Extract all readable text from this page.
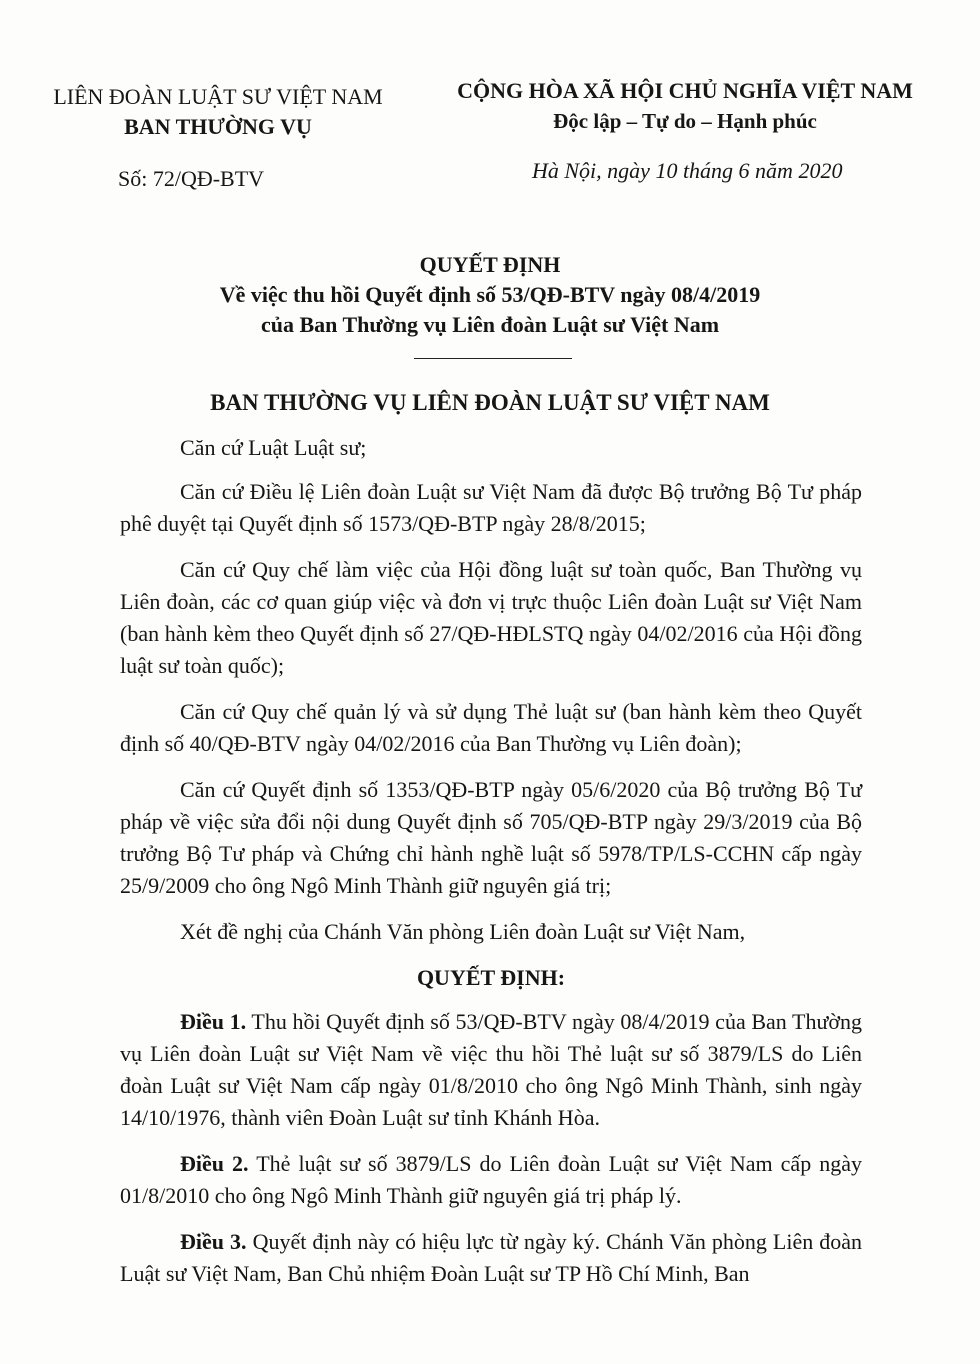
LIÊN ĐOÀN LUẬT SƯ VIỆT NAM
BAN THƯỜNG VỤ
CỘNG HÒA XÃ HỘI CHỦ NGHĨA VIỆT NAM
Độc lập – Tự do – Hạnh phúc
Số: 72/QĐ-BTV	Hà Nội, ngày 10 tháng 6 năm 2020
QUYẾT ĐỊNH
Về việc thu hồi Quyết định số 53/QĐ-BTV ngày 08/4/2019
của Ban Thường vụ Liên đoàn Luật sư Việt Nam
BAN THƯỜNG VỤ LIÊN ĐOÀN LUẬT SƯ VIỆT NAM

Căn cứ Luật Luật sư;

Căn cứ Điều lệ Liên đoàn Luật sư Việt Nam đã được Bộ trưởng Bộ Tư pháp phê duyệt tại Quyết định số 1573/QĐ-BTP ngày 28/8/2015;

Căn cứ Quy chế làm việc của Hội đồng luật sư toàn quốc, Ban Thường vụ Liên đoàn, các cơ quan giúp việc và đơn vị trực thuộc Liên đoàn Luật sư Việt Nam (ban hành kèm theo Quyết định số 27/QĐ-HĐLSTQ ngày 04/02/2016 của Hội đồng luật sư toàn quốc);

Căn cứ Quy chế quản lý và sử dụng Thẻ luật sư (ban hành kèm theo Quyết định số 40/QĐ-BTV ngày 04/02/2016 của Ban Thường vụ Liên đoàn);

Căn cứ Quyết định số 1353/QĐ-BTP ngày 05/6/2020 của Bộ trưởng Bộ Tư pháp về việc sửa đổi nội dung Quyết định số 705/QĐ-BTP ngày 29/3/2019 của Bộ trưởng Bộ Tư pháp và Chứng chỉ hành nghề luật số 5978/TP/LS-CCHN cấp ngày 25/9/2009 cho ông Ngô Minh Thành giữ nguyên giá trị;

Xét đề nghị của Chánh Văn phòng Liên đoàn Luật sư Việt Nam,

QUYẾT ĐỊNH:

Điều 1. Thu hồi Quyết định số 53/QĐ-BTV ngày 08/4/2019 của Ban Thường vụ Liên đoàn Luật sư Việt Nam về việc thu hồi Thẻ luật sư số 3879/LS do Liên đoàn Luật sư Việt Nam cấp ngày 01/8/2010 cho ông Ngô Minh Thành, sinh ngày 14/10/1976, thành viên Đoàn Luật sư tỉnh Khánh Hòa.

Điều 2. Thẻ luật sư số 3879/LS do Liên đoàn Luật sư Việt Nam cấp ngày 01/8/2010 cho ông Ngô Minh Thành giữ nguyên giá trị pháp lý.

Điều 3. Quyết định này có hiệu lực từ ngày ký. Chánh Văn phòng Liên đoàn Luật sư Việt Nam, Ban Chủ nhiệm Đoàn Luật sư TP Hồ Chí Minh, Ban
